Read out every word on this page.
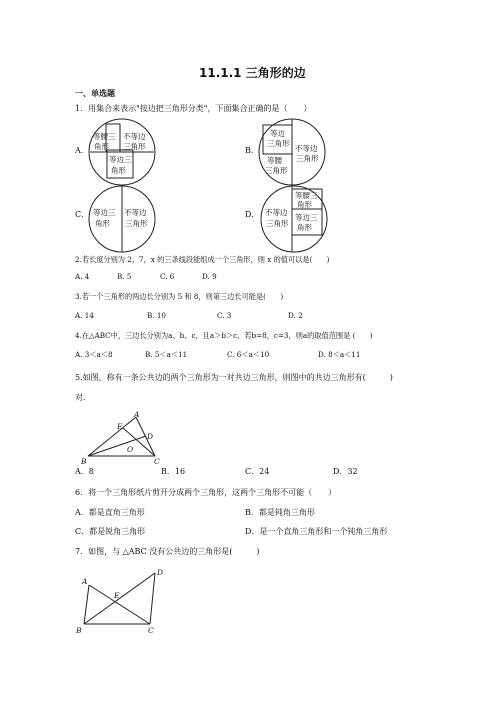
11.1.1 三角形的边
一、单选题
1．用集合来表示"按边把三角形分类"，下面集合正确的是（　　）
A．
等腰三
角形
不等边
三角形
等边三
角形
B．
等边
三角形
等腰
三角形
不等边
三角形
C． 等边三
角形
不等边
三角形
D．
等腰三
角形
等边三
角形
不等边
三角形
2.若长度分别为 2，7，x 的三条线段能组成一个三角形，则 x 的值可以是(　　)
A. 4	B. 5	C. 6	D. 9
3.若一个三角形的两边长分别为 5 和 8，则第三边长可能是(　　)
A. 14	B. 10	C. 3	D. 2
4.在△ABC中，三边长分别为a、b、c，且a＞b＞c，若b=8，c=3，则a的取值范围是 (　　)
A. 3＜a＜8	B. 5＜a＜11	C. 6＜a＜10	D. 8＜a＜11
5.如图，称有一条公共边的两个三角形为一对共边三角形，则图中的共边三角形有(　　　)
对．
A
B	C
D
E
O
A．8	B．16	C．24	D．32
6．将一个三角形纸片剪开分成两个三角形，这两个三角形不可能（　　）
A．都是直角三角形	B．都是钝角三角形
C．都是锐角三角形	D．是一个直角三角形和一个钝角三角形
7．如图，与 △ABC 没有公共边的三角形是(　　　)
A
B	C
D
E
